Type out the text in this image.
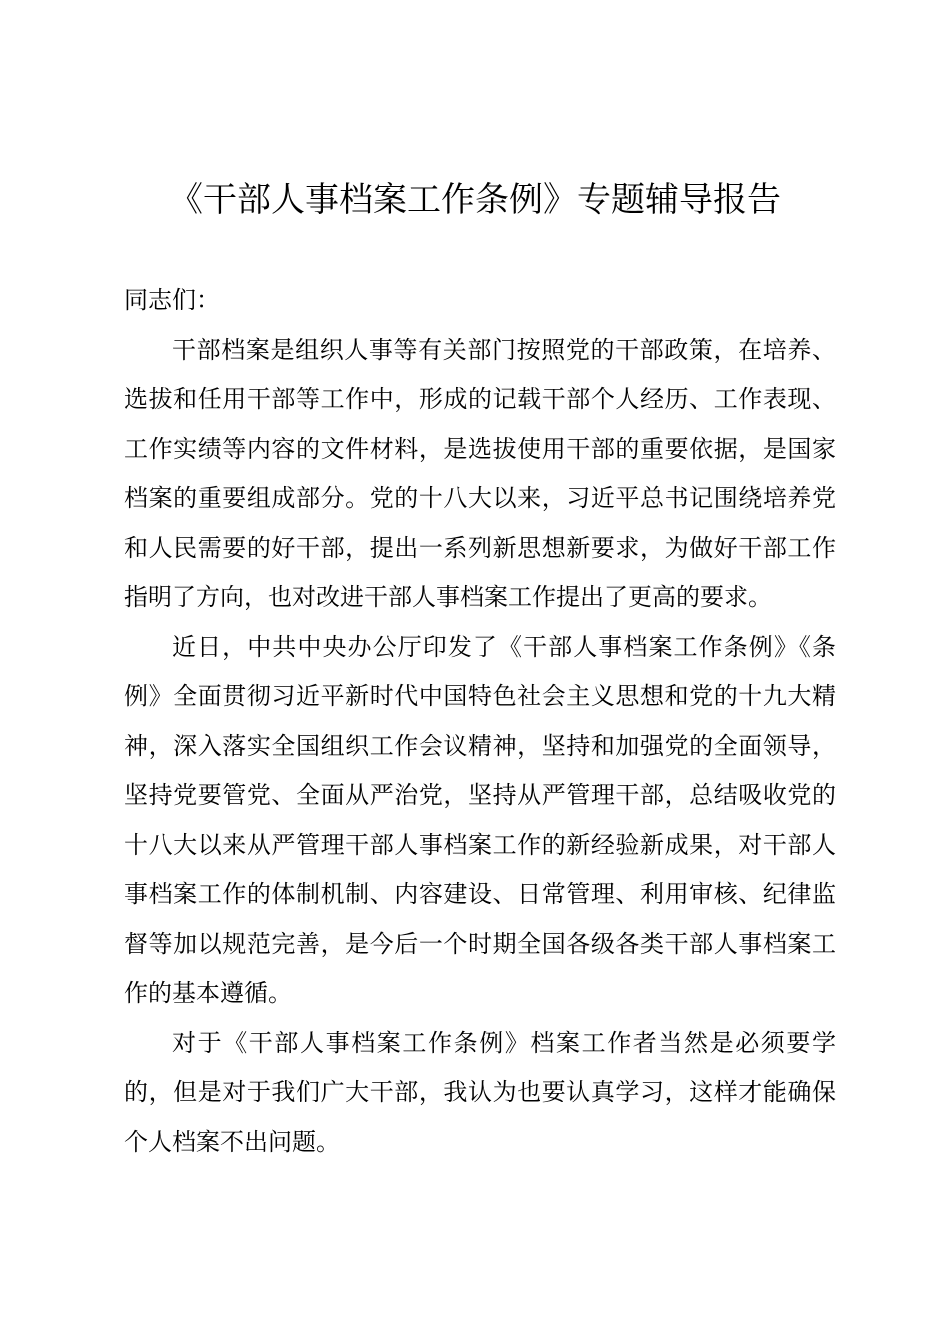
《干部人事档案工作条例》专题辅导报告

同志们：

干部档案是组织人事等有关部门按照党的干部政策，在培养、选拔和任用干部等工作中，形成的记载干部个人经历、工作表现、工作实绩等内容的文件材料，是选拔使用干部的重要依据，是国家档案的重要组成部分。党的十八大以来，习近平总书记围绕培养党和人民需要的好干部，提出一系列新思想新要求，为做好干部工作指明了方向，也对改进干部人事档案工作提出了更高的要求。

近日，中共中央办公厅印发了《干部人事档案工作条例》《条例》全面贯彻习近平新时代中国特色社会主义思想和党的十九大精神，深入落实全国组织工作会议精神，坚持和加强党的全面领导，坚持党要管党、全面从严治党，坚持从严管理干部，总结吸收党的十八大以来从严管理干部人事档案工作的新经验新成果，对干部人事档案工作的体制机制、内容建设、日常管理、利用审核、纪律监督等加以规范完善，是今后一个时期全国各级各类干部人事档案工作的基本遵循。

对于《干部人事档案工作条例》档案工作者当然是必须要学的，但是对于我们广大干部，我认为也要认真学习，这样才能确保个人档案不出问题。
